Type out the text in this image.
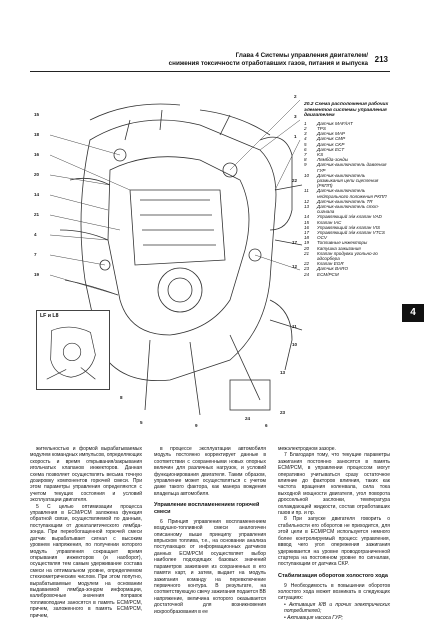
Глава 4 Системы управления двигателем/
снижения токсичности отработавших газов, питания и выпуска 213
LF и L8
15
18
16
20
14
21
4
7
19
8
5
9
2
3
1
22
17
12
11
10
13
24
6
23
20.2 Схема расположения рабочих элементов системы управления двигателем
1	Датчик MAF/IAT
2	TPS
3	Датчик MAP
4	Датчик CMP
5	Датчик CKP
6	Датчик ECT
7	KS
8	Лямбда-зонды
9	Датчик-выключатель давления ГУР
10	Датчик-выключатель размыкания цепи сцепления (РКПП)
11	Датчик-выключатель нейтрального положения РКПП
12	Датчик-выключатель TR
13	Датчик-выключатель стоп-сигнала
14	Управляющий э/м клапан VAD
15	Клапан IAC
16	Управляющий э/м клапан VIS
17	Управляющий э/м клапан VTCS
18	OCV
19	Топливные инжекторы
20	Катушка зажигания
21	Клапан продувки угольно-го адсорбера
22	Клапан EGR
23	Датчик BARO
24	ECM/PCM
4

жительностью и формой вырабатываемых модулем командных импульсов, определяющих скорость и время открывания/закрывания игольчатых клапанов инжекторов. Данная схема позволяет осуществлять весьма точную дозировку компонентов горючей смеси. При этом параметры управления определяются с учетом текущих состояния и условий эксплуатации двигателя.

5 С целью оптимизации процесса управления в ECM/PCM заложена функция обратной связи, осуществляемой по данным, поступающим от докаталитического лямбда-зонда. При переобогащенной горючей смеси датчик вырабатывает сигнал с высоким уровнем напряжения, по получении которого модуль управления сокращает время открывания инжекторов (и наоборот), осуществляя тем самым удерживание состава смеси на оптимальном уровне, определяемом стехиометрическим числом. При этом попутно, вырабатываемые модулем на основании выдаваемой лямбда-зондом информации, калибровочные значения поправок топливоподачи заносятся в память ECM/PCM, причем, заложенного в память ECM/PCM, причем,

в процессе эксплуатации автомобиля модуль постоянно корректирует данные в соответствии с сохраненными новых опорных величин для различных нагрузок, и условий функционирования двигателя. Таким образом, управление может осуществляться с учетом даже такого фактора, как манера вождения владельца автомобиля.

Управление воспламенением горючей смеси

6 Принцип управления воспламенением воздушно-топливной смеси аналогичен описанному выше принципу управления впрыском топлива, т.е., на основании анализа поступающих от информационных датчиков данных ECM/PCM осуществляет выбор наиболее подходящих базовых значений параметров зажигания из сохраненных в его памяти карт, и затем, выдает на модуль зажигания команду на перевключение первичного контура. В результате, на соответствующую свечу зажигания подается ВВ напряжение, величина которого оказывается достаточной для возникновения искрообразования в ее

межэлектродном зазоре.

7 Благодаря тому, что текущие параметры зажигания постоянно заносятся в память ECM/PCM, в управлении процессом могут оперативно учитываться сразу остаточное влияние до факторов влияния, таких как частота вращения коленвала, сила тока выходной мощности двигателя, угол поворота дроссельной заслонки, температура охлаждающей жидкости, состав отработавших газов и пр. и пр.

8 При запуске двигателя говорить о стабильности его оборотов не приходится, для этой цели в ECM/PCM используется немного более контролируемый процесс управления, вввод чего угол опережения зажигания удерживается на уровне проводограниченной стартера на постоянном уровне по сигналам, поступающим от датчика CKP.

Стабилизация оборотов холостого хода

9 Необходимость в повышении оборотов холостого хода может возникать в следующих ситуациях:

• Активация К/В и прочих электрических потребителей;

• Активация насоса ГУР;
